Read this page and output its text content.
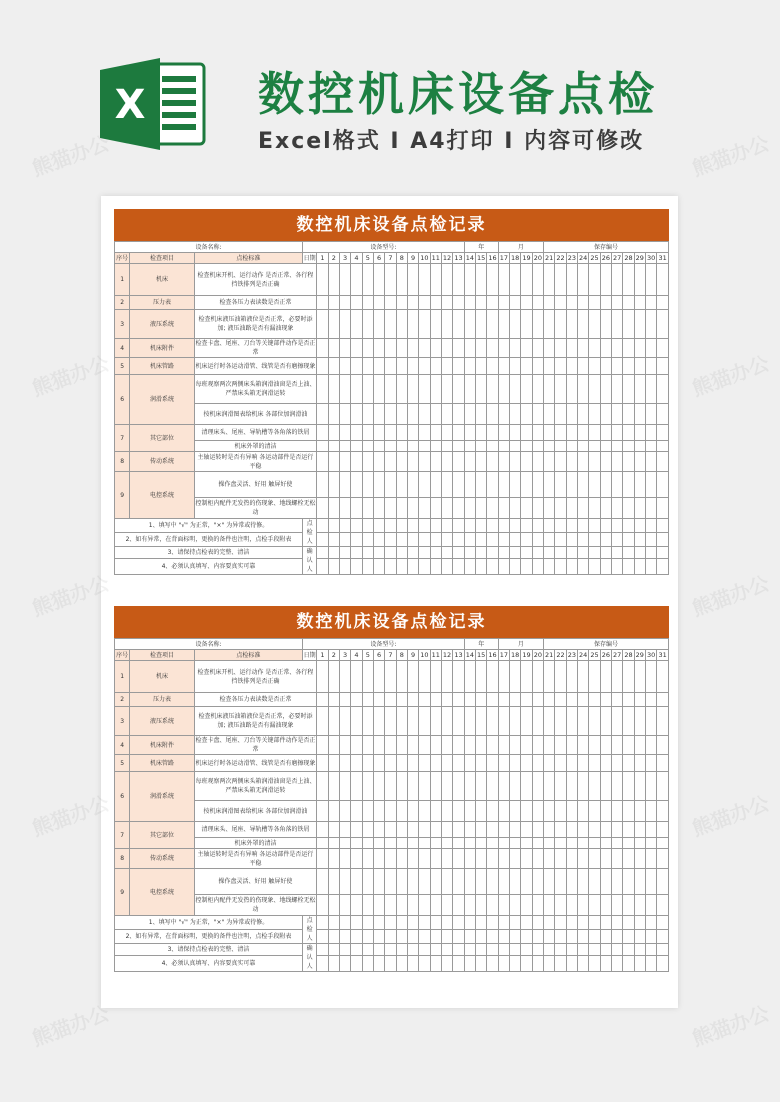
X 数控机床设备点检
Excel格式 I A4打印 I 内容可修改
数控机床设备点检记录
设备名称:			设备型号:														年			月				保存编号										
序号	检查项目	点检标准	日期	1	2	3	4	5	6	7	8	9	10	11	12	13	14	15	16	17	18	19	20	21	22	23	24	25	26	27	28	29	30	31
1	机床	检查机床开机、运行动作 是否正常、各行程挡铁排列是否正确																																
2	压力表	检查各压力表读数是否正常																																
3	液压系统	检查机床液压油箱液位是否正常，必要时添加; 液压油路是否有漏油现象																																
4	机床附件	检查卡盘、尾座、刀台等关键部件动作是否正常																																
5	机床管路	机床运行时各运动滑管、线管是否有磨擦现象																																
6	润滑系统	每班观察两次两侧床头箱润滑油窗是否上油、严禁床头箱无润滑运转																																
		按机床润滑图表给机床 各部位加润滑油																																
7	其它部位	清理床头、尾座、导轨槽等各角落的铁屑																																
		机床外罩的清洁																																
8	传动系统	主轴运转时是否有异响 各运动部件是否运行平稳																																
9	电控系统	操作盘灵活、好用 触屏好使																																
		控制柜内配件无发热的伤现象、地线螺栓无松动																																
1、填写中 "√" 为正常，"×" 为异常或待修。			点
检
人																															

2、如有异常，在背面标明，更换的备件也注明，点检手段附表																																		
3、请保持点检表的完整、清洁			确
认
人																															

4、必须认真填写、内容要真实可靠																																		
数控机床设备点检记录
设备名称:			设备型号:														年			月				保存编号										
序号	检查项目	点检标准	日期	1	2	3	4	5	6	7	8	9	10	11	12	13	14	15	16	17	18	19	20	21	22	23	24	25	26	27	28	29	30	31
1	机床	检查机床开机、运行动作 是否正常、各行程挡铁排列是否正确																																
2	压力表	检查各压力表读数是否正常																																
3	液压系统	检查机床液压油箱液位是否正常，必要时添加; 液压油路是否有漏油现象																																
4	机床附件	检查卡盘、尾座、刀台等关键部件动作是否正常																																
5	机床管路	机床运行时各运动滑管、线管是否有磨擦现象																																
6	润滑系统	每班观察两次两侧床头箱润滑油窗是否上油、严禁床头箱无润滑运转																																
		按机床润滑图表给机床 各部位加润滑油																																
7	其它部位	清理床头、尾座、导轨槽等各角落的铁屑																																
		机床外罩的清洁																																
8	传动系统	主轴运转时是否有异响 各运动部件是否运行平稳																																
9	电控系统	操作盘灵活、好用 触屏好使																																
		控制柜内配件无发热的伤现象、地线螺栓无松动																																
1、填写中 "√" 为正常，"×" 为异常或待修。			点
检
人																															

2、如有异常，在背面标明，更换的备件也注明，点检手段附表																																		
3、请保持点检表的完整、清洁			确
认
人																															

4、必须认真填写、内容要真实可靠																																		
熊猫办公	熊猫办公
熊猫办公	熊猫办公
熊猫办公	熊猫办公
熊猫办公	熊猫办公
熊猫办公	熊猫办公
